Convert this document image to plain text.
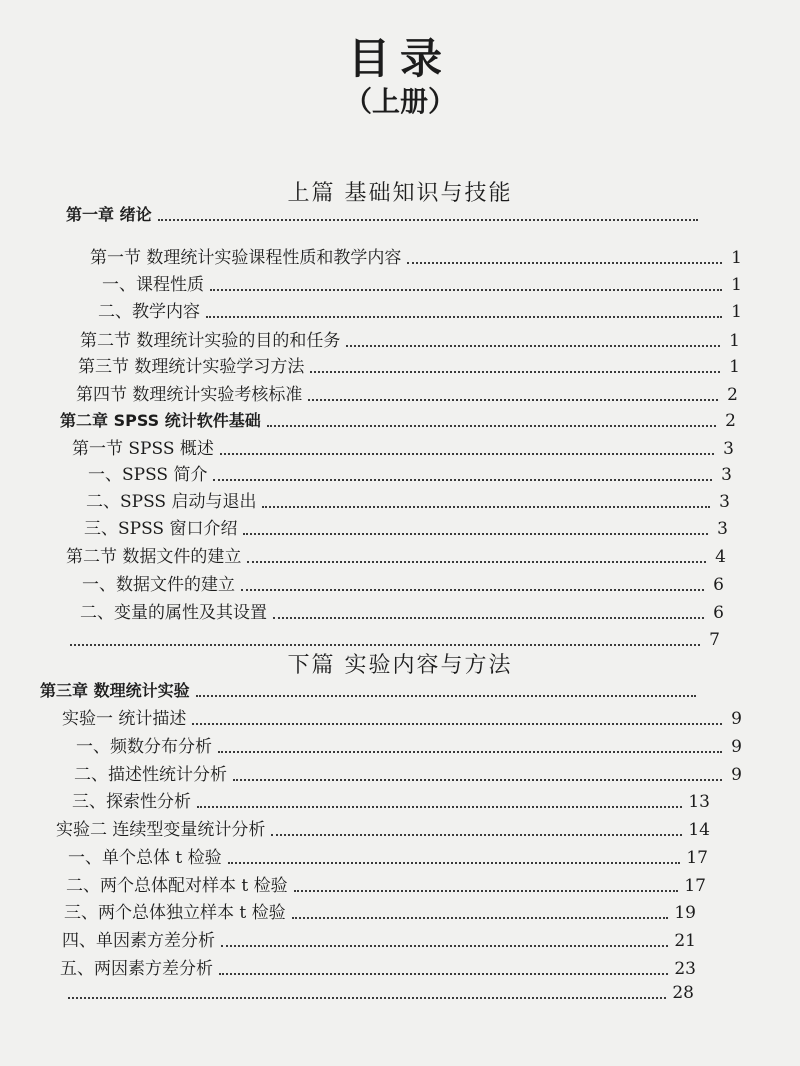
目录
（上册）
上篇 基础知识与技能
第一章 绪论
第一节 数理统计实验课程性质和教学内容	1
一、课程性质	1
二、教学内容	1
第二节 数理统计实验的目的和任务	1
第三节 数理统计实验学习方法	1
第四节 数理统计实验考核标准	2
第二章 SPSS 统计软件基础	2
第一节 SPSS 概述	3
一、SPSS 简介	3
二、SPSS 启动与退出	3
三、SPSS 窗口介绍	3
第二节 数据文件的建立	4
一、数据文件的建立	6
二、变量的属性及其设置	6
7
下篇 实验内容与方法
第三章 数理统计实验
实验一 统计描述	9
一、频数分布分析	9
二、描述性统计分析	9
三、探索性分析	13
实验二 连续型变量统计分析	14
一、单个总体 t 检验	17
二、两个总体配对样本 t 检验	17
三、两个总体独立样本 t 检验	19
四、单因素方差分析	21
五、两因素方差分析	23
28
